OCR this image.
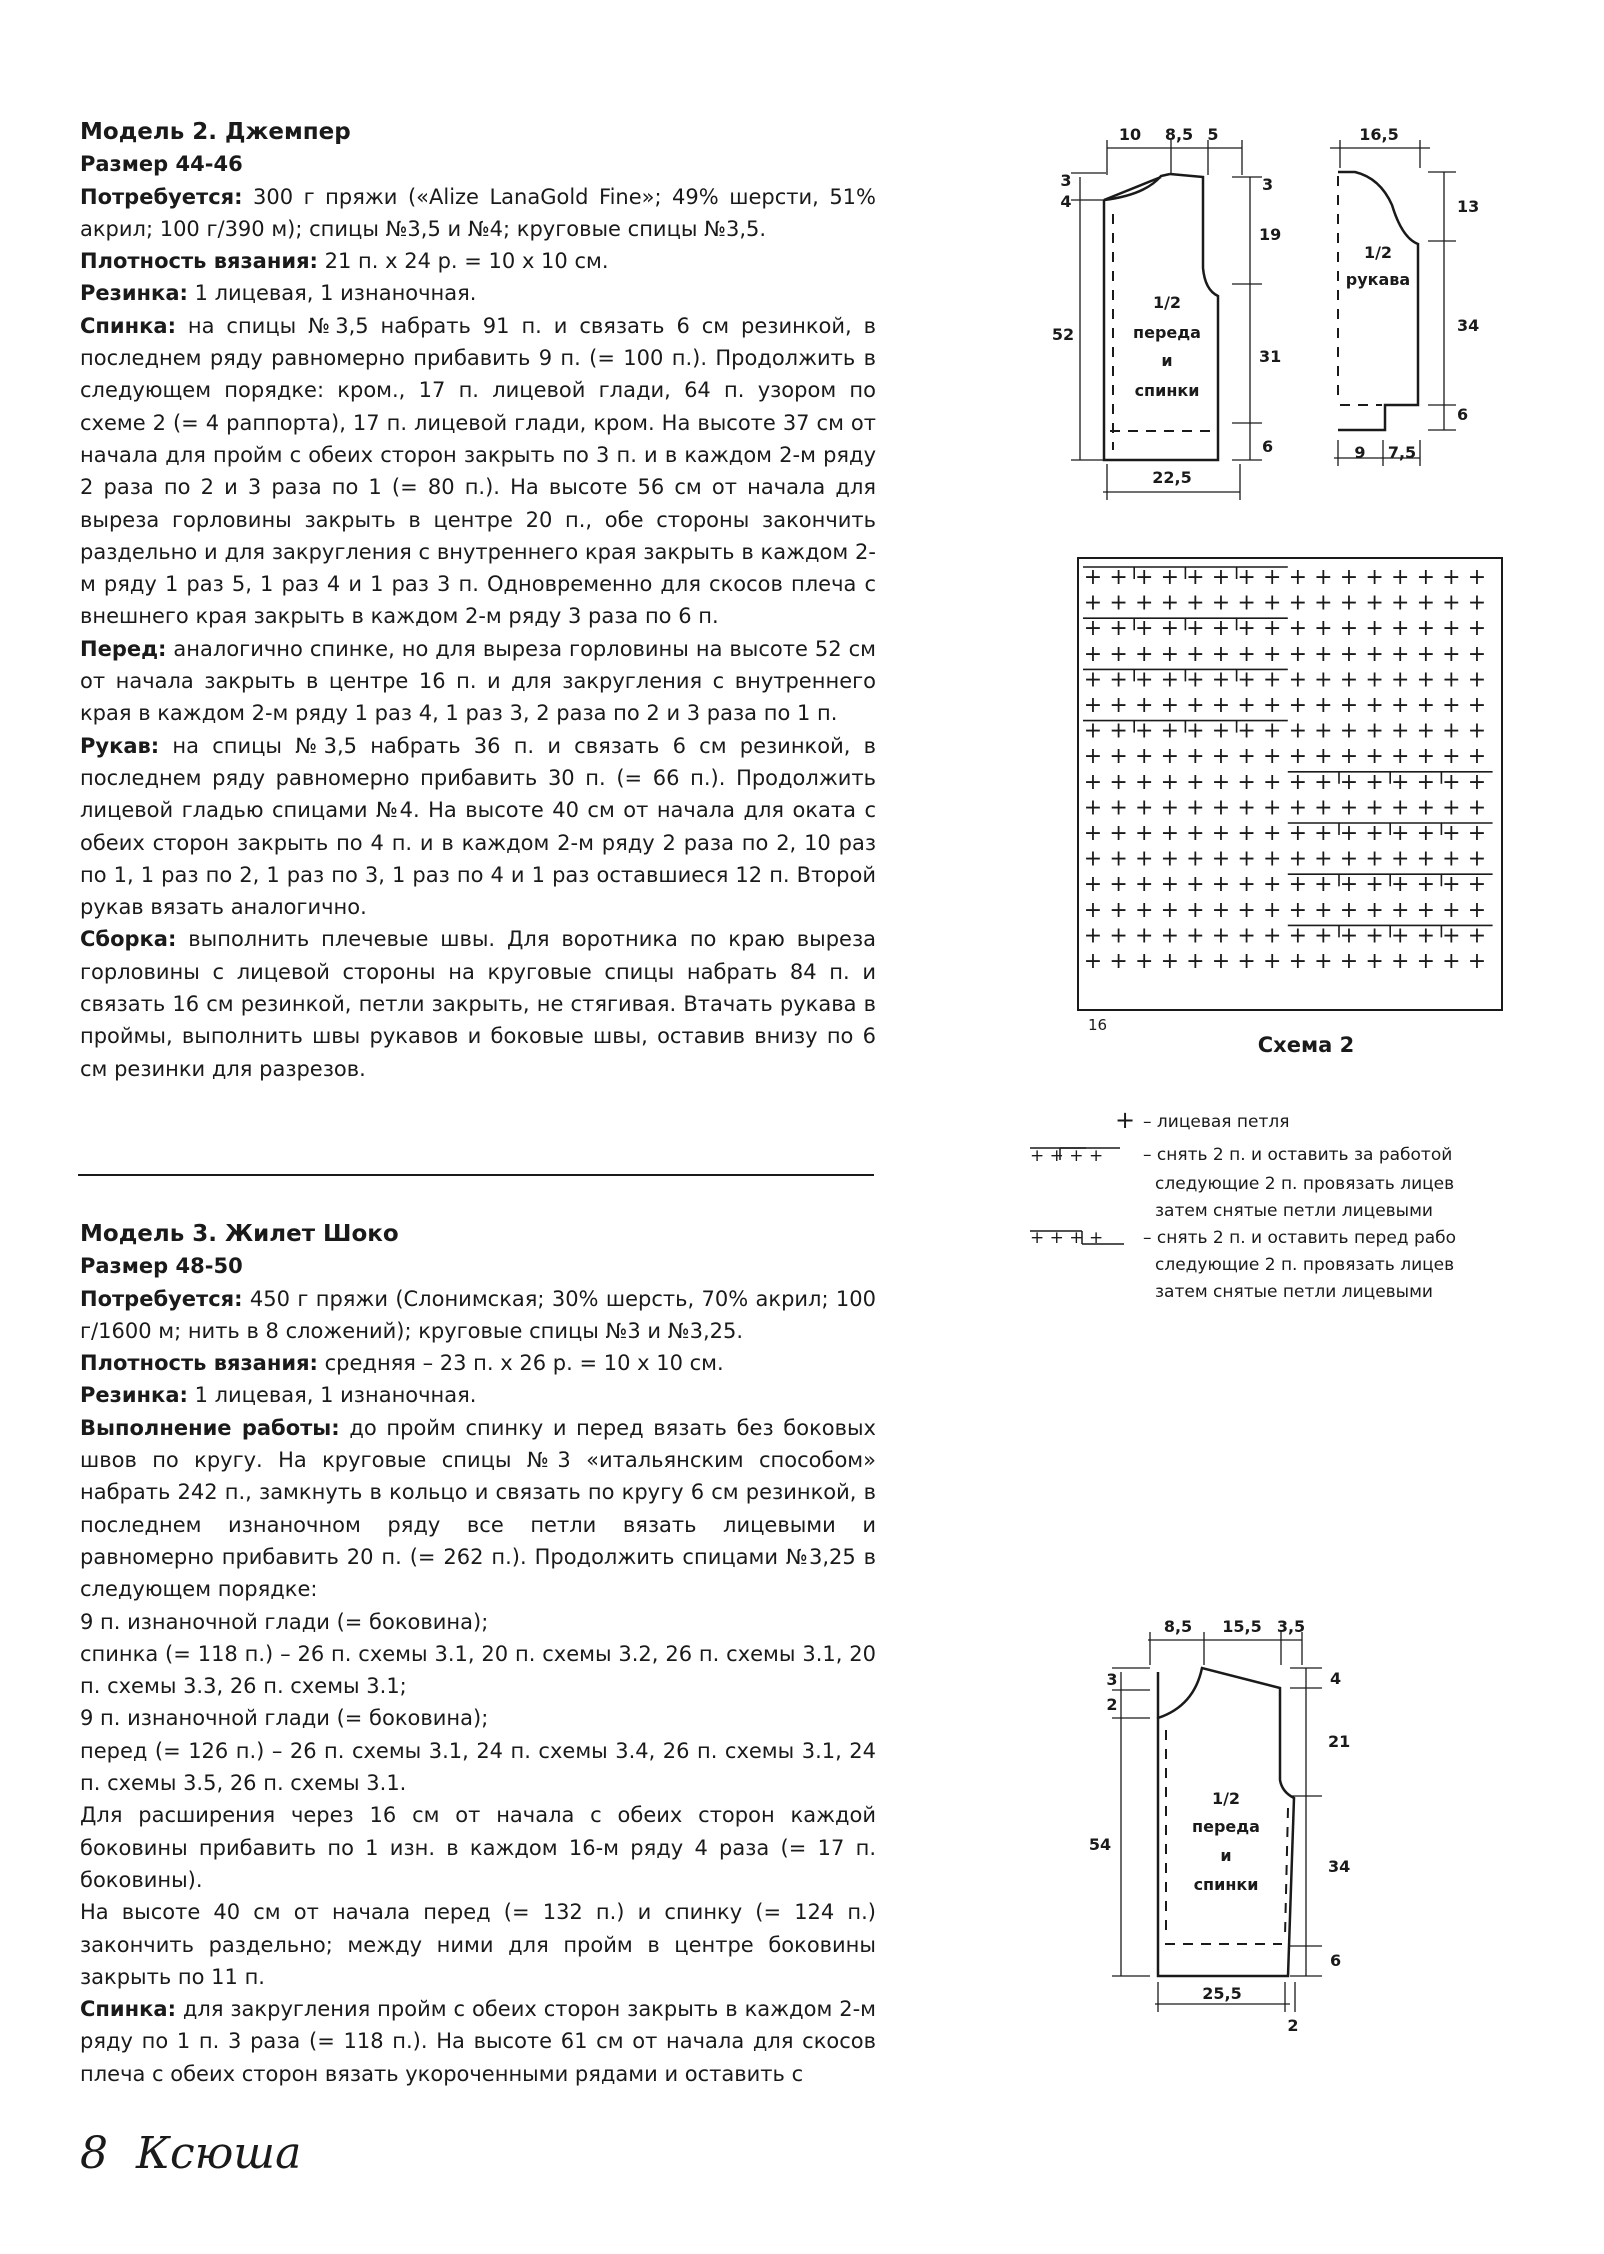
Модель 2. Джемпер

Размер 44-46

Потребуется: 300 г пряжи («Alize LanaGold Fine»; 49% шерсти, 51% акрил; 100 г/390 м); спицы №3,5 и №4; круговые спицы №3,5.

Плотность вязания: 21 п. х 24 р. = 10 х 10 см.

Резинка: 1 лицевая, 1 изнаночная.

Спинка: на спицы №3,5 набрать 91 п. и связать 6 см резинкой, в последнем ряду равномерно прибавить 9 п. (= 100 п.). Продолжить в следующем порядке: кром., 17 п. лицевой глади, 64 п. узором по схеме 2 (= 4 раппорта), 17 п. лицевой глади, кром. На высоте 37 см от начала для пройм с обеих сторон закрыть по 3 п. и в каждом 2-м ряду 2 раза по 2 и 3 раза по 1 (= 80 п.). На высоте 56 см от начала для выреза горловины закрыть в центре 20 п., обе стороны закончить раздельно и для закругления с внутреннего края закрыть в каждом 2-м ряду 1 раз 5, 1 раз 4 и 1 раз 3 п. Одновременно для скосов плеча с внешнего края закрыть в каждом 2-м ряду 3 раза по 6 п.

Перед: аналогично спинке, но для выреза горловины на высоте 52 см от начала закрыть в центре 16 п. и для закругления с внутреннего края в каждом 2-м ряду 1 раз 4, 1 раз 3, 2 раза по 2 и 3 раза по 1 п.

Рукав: на спицы №3,5 набрать 36 п. и связать 6 см резинкой, в последнем ряду равномерно прибавить 30 п. (= 66 п.). Продолжить лицевой гладью спицами №4. На высоте 40 см от начала для оката с обеих сторон закрыть по 4 п. и в каждом 2-м ряду 2 раза по 2, 10 раз по 1, 1 раз по 2, 1 раз по 3, 1 раз по 4 и 1 раз оставшиеся 12 п. Второй рукав вязать аналогично.

Сборка: выполнить плечевые швы. Для воротника по краю выреза горловины с лицевой стороны на круговые спицы набрать 84 п. и связать 16 см резинкой, петли закрыть, не стягивая. Втачать рукава в проймы, выполнить швы рукавов и боковые швы, оставив внизу по 6 см резинки для разрезов.

Модель 3. Жилет Шоко

Размер 48-50

Потребуется: 450 г пряжи (Слонимская; 30% шерсть, 70% акрил; 100 г/1600 м; нить в 8 сложений); круговые спицы №3 и №3,25.

Плотность вязания: средняя – 23 п. х 26 р. = 10 х 10 см.

Резинка: 1 лицевая, 1 изнаночная.

Выполнение работы: до пройм спинку и перед вязать без боковых швов по кругу. На круговые спицы №3 «итальянским способом» набрать 242 п., замкнуть в кольцо и связать по кругу 6 см резинкой, в последнем изнаночном ряду все петли вязать лицевыми и равномерно прибавить 20 п. (= 262 п.). Продолжить спицами №3,25 в следующем порядке:

9 п. изнаночной глади (= боковина);

спинка (= 118 п.) – 26 п. схемы 3.1, 20 п. схемы 3.2, 26 п. схемы 3.1, 20 п. схемы 3.3, 26 п. схемы 3.1;

9 п. изнаночной глади (= боковина);

перед (= 126 п.) – 26 п. схемы 3.1, 24 п. схемы 3.4, 26 п. схемы 3.1, 24 п. схемы 3.5, 26 п. схемы 3.1.

Для расширения через 16 см от начала с обеих сторон каждой боковины прибавить по 1 изн. в каждом 16-м ряду 4 раза (= 17 п. боковины).

На высоте 40 см от начала перед (= 132 п.) и спинку (= 124 п.) закончить раздельно; между ними для пройм в центре боковины закрыть по 11 п.

Спинка: для закругления пройм с обеих сторон закрыть в каждом 2-м ряду по 1 п. 3 раза (= 118 п.). На высоте 61 см от начала для скосов плеча с обеих сторон вязать укороченными рядами и оставить с

8 Ксюша
10 8,5 5
3
4
3
19
31
6
52
1/2
переда
и
спинки
22,5
16,5
13
34
6
1/2
рукава
9 7,5
+ + + + + + + + + + + + + + + +
+ + + + + + + + + + + + + + + +
+ + + + + + + + + + + + + + + +
+ + + + + + + + + + + + + + + +
+ + + + + + + + + + + + + + + +
+ + + + + + + + + + + + + + + +
+ + + + + + + + + + + + + + + +
+ + + + + + + + + + + + + + + +
+ + + + + + + + + + + + + + + +
+ + + + + + + + + + + + + + + +
+ + + + + + + + + + + + + + + +
+ + + + + + + + + + + + + + + +
+ + + + + + + + + + + + + + + +
+ + + + + + + + + + + + + + + +
+ + + + + + + + + + + + + + + +
+ + + + + + + + + + + + + + + +
16
Схема 2
+ – лицевая петля
+ + + + – снять 2 п. и оставить за работой
следующие 2 п. провязать лицев
затем снятые петли лицевыми
+ + + + – снять 2 п. и оставить перед рабо
следующие 2 п. провязать лицев
затем снятые петли лицевыми
8,5 15,5 3,5
3
2
4
21
34
6
54
1/2
переда
и
спинки
25,5
2
